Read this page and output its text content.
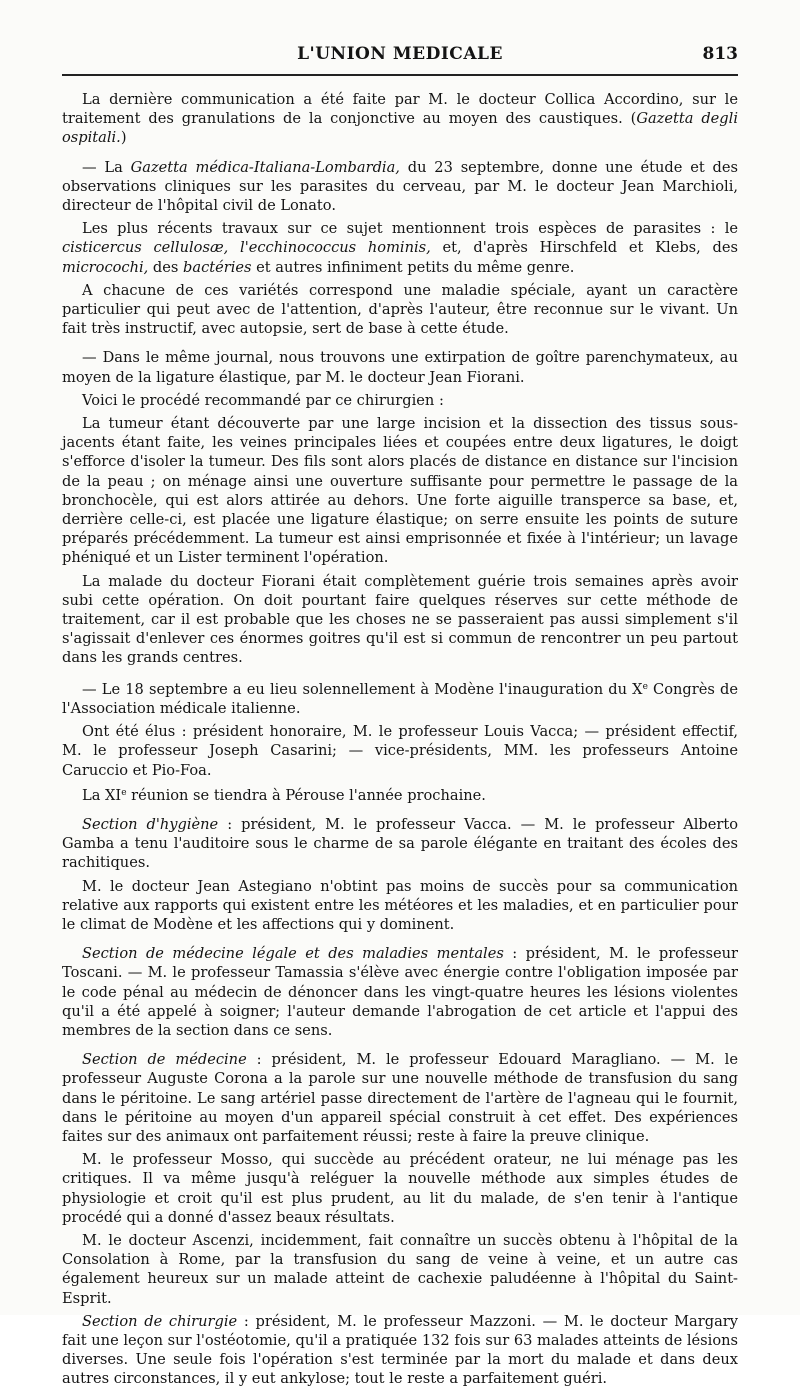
L'UNION MEDICALE	813

La dernière communication a été faite par M. le docteur Collica Accordino, sur le traitement des granulations de la conjonctive au moyen des caustiques. (Gazetta degli ospitali.)

— La Gazetta médica-Italiana-Lombardia, du 23 septembre, donne une étude et des observations cliniques sur les parasites du cerveau, par M. le docteur Jean Marchioli, directeur de l'hôpital civil de Lonato.

Les plus récents travaux sur ce sujet mentionnent trois espèces de parasites : le cisticercus cellulosæ, l'ecchinococcus hominis, et, d'après Hirschfeld et Klebs, des microcochi, des bactéries et autres infiniment petits du même genre.

A chacune de ces variétés correspond une maladie spéciale, ayant un caractère particulier qui peut avec de l'attention, d'après l'auteur, être reconnue sur le vivant. Un fait très instructif, avec autopsie, sert de base à cette étude.

— Dans le même journal, nous trouvons une extirpation de goître parenchymateux, au moyen de la ligature élastique, par M. le docteur Jean Fiorani.

Voici le procédé recommandé par ce chirurgien :

La tumeur étant découverte par une large incision et la dissection des tissus sous-jacents étant faite, les veines principales liées et coupées entre deux ligatures, le doigt s'efforce d'isoler la tumeur. Des fils sont alors placés de distance en distance sur l'incision de la peau ; on ménage ainsi une ouverture suffisante pour permettre le passage de la bronchocèle, qui est alors attirée au dehors. Une forte aiguille transperce sa base, et, derrière celle-ci, est placée une ligature élastique; on serre ensuite les points de suture préparés précédemment. La tumeur est ainsi emprisonnée et fixée à l'intérieur; un lavage phéniqué et un Lister terminent l'opération.

La malade du docteur Fiorani était complètement guérie trois semaines après avoir subi cette opération. On doit pourtant faire quelques réserves sur cette méthode de traitement, car il est probable que les choses ne se passeraient pas aussi simplement s'il s'agissait d'enlever ces énormes goitres qu'il est si commun de rencontrer un peu partout dans les grands centres.

— Le 18 septembre a eu lieu solennellement à Modène l'inauguration du Xe Congrès de l'Association médicale italienne.

Ont été élus : président honoraire, M. le professeur Louis Vacca; — président effectif, M. le professeur Joseph Casarini; — vice-présidents, MM. les professeurs Antoine Caruccio et Pio-Foa.

La XIe réunion se tiendra à Pérouse l'année prochaine.

Section d'hygiène : président, M. le professeur Vacca. — M. le professeur Alberto Gamba a tenu l'auditoire sous le charme de sa parole élégante en traitant des écoles des rachitiques.

M. le docteur Jean Astegiano n'obtint pas moins de succès pour sa communication relative aux rapports qui existent entre les météores et les maladies, et en particulier pour le climat de Modène et les affections qui y dominent.

Section de médecine légale et des maladies mentales : président, M. le professeur Toscani. — M. le professeur Tamassia s'élève avec énergie contre l'obligation imposée par le code pénal au médecin de dénoncer dans les vingt-quatre heures les lésions violentes qu'il a été appelé à soigner; l'auteur demande l'abrogation de cet article et l'appui des membres de la section dans ce sens.

Section de médecine : président, M. le professeur Edouard Maragliano. — M. le professeur Auguste Corona a la parole sur une nouvelle méthode de transfusion du sang dans le péritoine. Le sang artériel passe directement de l'artère de l'agneau qui le fournit, dans le péritoine au moyen d'un appareil spécial construit à cet effet. Des expériences faites sur des animaux ont parfaitement réussi; reste à faire la preuve clinique.

M. le professeur Mosso, qui succède au précédent orateur, ne lui ménage pas les critiques. Il va même jusqu'à reléguer la nouvelle méthode aux simples études de physiologie et croit qu'il est plus prudent, au lit du malade, de s'en tenir à l'antique procédé qui a donné d'assez beaux résultats.

M. le docteur Ascenzi, incidemment, fait connaître un succès obtenu à l'hôpital de la Consolation à Rome, par la transfusion du sang de veine à veine, et un autre cas également heureux sur un malade atteint de cachexie paludéenne à l'hôpital du Saint-Esprit.

Section de chirurgie : président, M. le professeur Mazzoni. — M. le docteur Margary fait une leçon sur l'ostéotomie, qu'il a pratiquée 132 fois sur 63 malades atteints de lésions diverses. Une seule fois l'opération s'est terminée par la mort du malade et dans deux autres circonstances, il y eut ankylose; tout le reste a parfaitement guéri.
